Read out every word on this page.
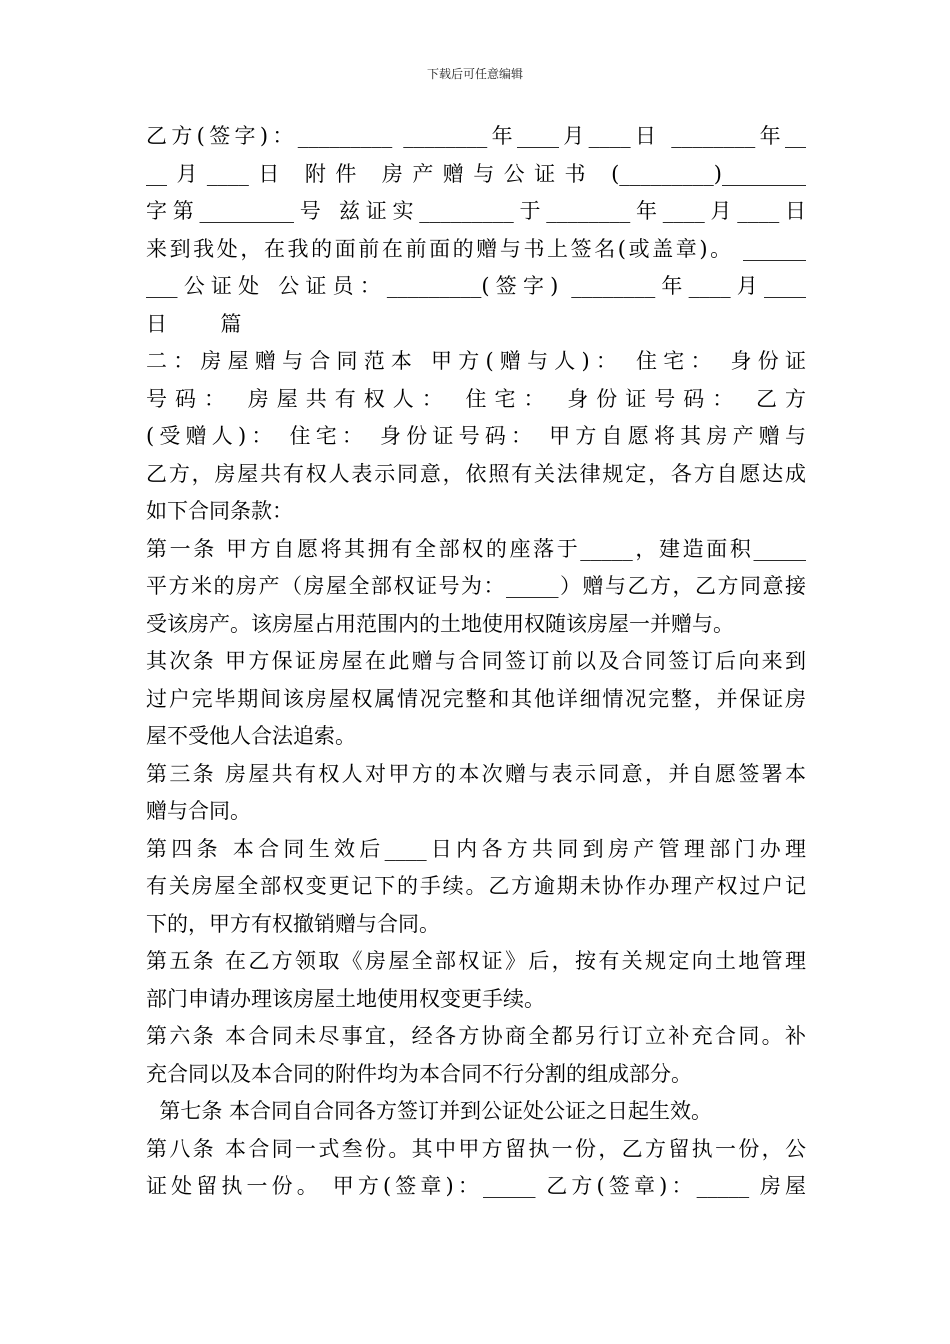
下载后可任意编辑
乙方(签字)：_________ ________年____月____日 ________年__
__月____日 附件 房产赠与公证书 (_________)________
字第_________号 兹证实_________于________年____月____日
来到我处，在我的面前在前面的赠与书上签名(或盖章)。 ______
___公证处 公证员：_________(签字) ________年____月____
日        篇
二：房屋赠与合同范本 甲方(赠与人)： 住宅： 身份证
号码： 房屋共有权人： 住宅： 身份证号码： 乙方
(受赠人)： 住宅： 身份证号码： 甲方自愿将其房产赠与
乙方，房屋共有权人表示同意，依照有关法律规定，各方自愿达成
如下合同条款：
第一条 甲方自愿将其拥有全部权的座落于_____，建造面积_____
平方米的房产（房屋全部权证号为：_____）赠与乙方，乙方同意接
受该房产。该房屋占用范围内的土地使用权随该房屋一并赠与。
其次条 甲方保证房屋在此赠与合同签订前以及合同签订后向来到
过户完毕期间该房屋权属情况完整和其他详细情况完整，并保证房
屋不受他人合法追索。
第三条 房屋共有权人对甲方的本次赠与表示同意，并自愿签署本
赠与合同。
第四条 本合同生效后____日内各方共同到房产管理部门办理
有关房屋全部权变更记下的手续。乙方逾期未协作办理产权过户记
下的，甲方有权撤销赠与合同。
第五条 在乙方领取《房屋全部权证》后，按有关规定向土地管理
部门申请办理该房屋土地使用权变更手续。
第六条 本合同未尽事宜，经各方协商全都另行订立补充合同。补
充合同以及本合同的附件均为本合同不行分割的组成部分。
第七条 本合同自合同各方签订并到公证处公证之日起生效。
第八条 本合同一式叁份。其中甲方留执一份，乙方留执一份，公
证处留执一份。 甲方(签章)：_____ 乙方(签章)：_____ 房屋
